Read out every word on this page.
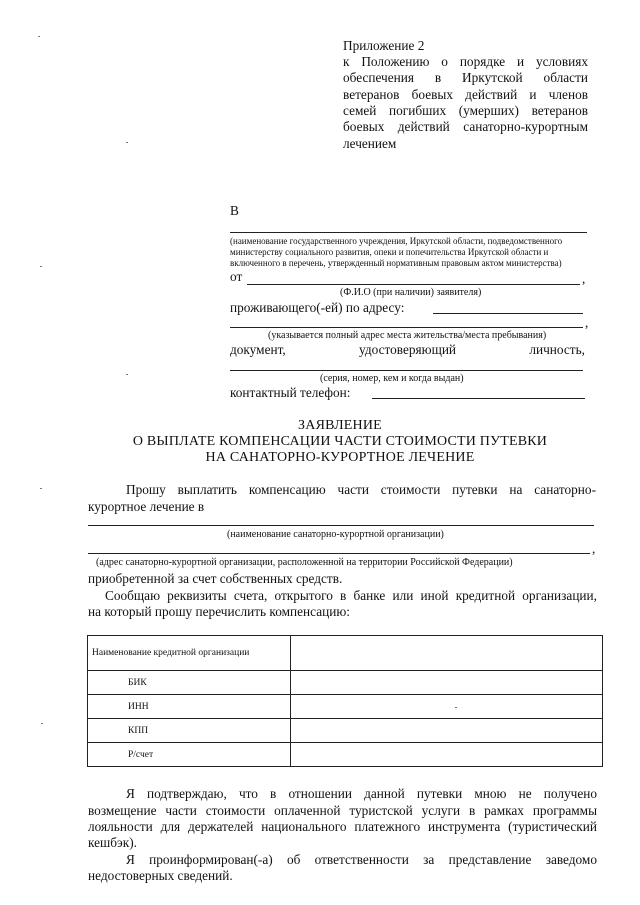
Приложение 2
к Положению о порядке и условиях
обеспечения в Иркутской области
ветеранов боевых действий и членов
семей погибших (умерших) ветеранов
боевых действий санаторно-курортным
лечением
В
(наименование государственного учреждения, Иркутской области, подведомственного
министерству социального развития, опеки и попечительства Иркутской области и
включенного в перечень, утвержденный нормативным правовым актом министерства)
от	,
(Ф.И.О (при наличии) заявителя)
проживающего(-ей) по адресу:
,
(указывается полный адрес места жительства/места пребывания)
документ, удостоверяющий личность,
(серия, номер, кем и когда выдан)
контактный телефон:
ЗАЯВЛЕНИЕ
О ВЫПЛАТЕ КОМПЕНСАЦИИ ЧАСТИ СТОИМОСТИ ПУТЕВКИ
НА САНАТОРНО-КУРОРТНОЕ ЛЕЧЕНИЕ
Прошу выплатить компенсацию части стоимости путевки на санаторно-
курортное лечение в
(наименование санаторно-курортной организации)
,
(адрес санаторно-курортной организации, расположенной на территории Российской Федерации)
приобретенной за счет собственных средств.
Сообщаю реквизиты счета, открытого в банке или иной кредитной организации,
на который прошу перечислить компенсацию:
Наименование кредитной организации	
БИК	
ИНН	
КПП	
Р/счет	
Я подтверждаю, что в отношении данной путевки мною не получено
возмещение части стоимости оплаченной туристской услуги в рамках программы
лояльности для держателей национального платежного инструмента (туристический
кешбэк).
Я проинформирован(-а) об ответственности за представление заведомо
недостоверных сведений.
